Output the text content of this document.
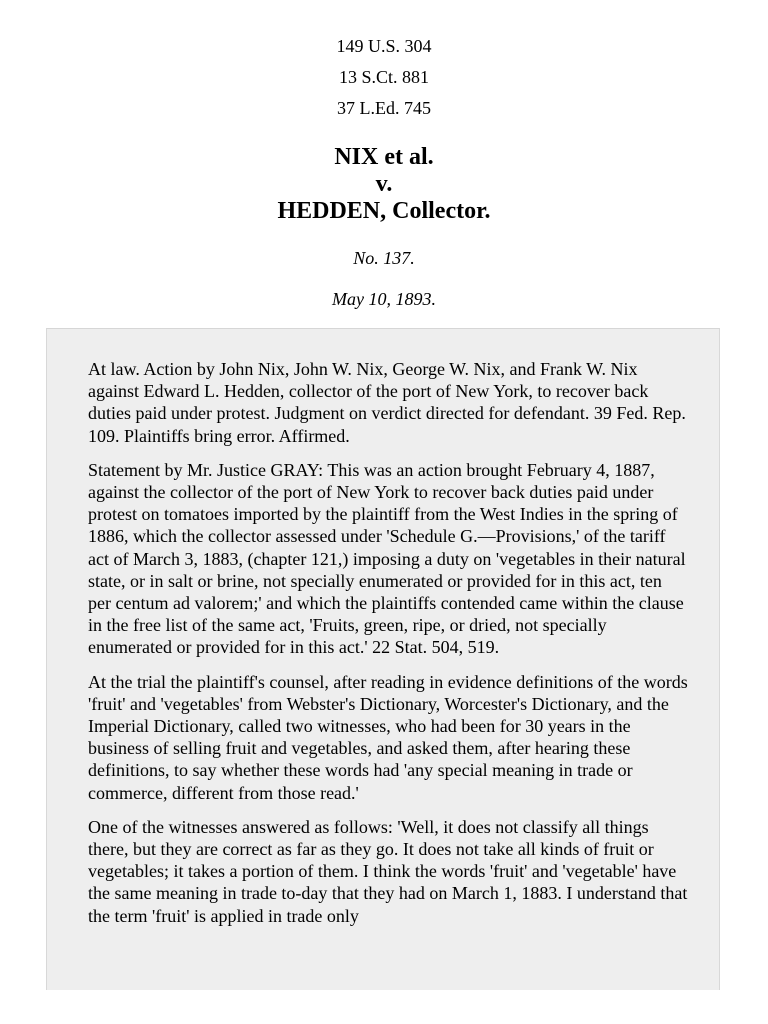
149 U.S. 304
13 S.Ct. 881
37 L.Ed. 745
NIX et al.
v.
HEDDEN, Collector.
No. 137.
May 10, 1893.

At law. Action by John Nix, John W. Nix, George W. Nix, and Frank W. Nix against Edward L. Hedden, collector of the port of New York, to recover back duties paid under protest. Judgment on verdict directed for defendant. 39 Fed. Rep. 109. Plaintiffs bring error. Affirmed.

Statement by Mr. Justice GRAY: This was an action brought February 4, 1887, against the collector of the port of New York to recover back duties paid under protest on tomatoes imported by the plaintiff from the West Indies in the spring of 1886, which the collector assessed under 'Schedule G.—Provisions,' of the tariff act of March 3, 1883, (chapter 121,) imposing a duty on 'vegetables in their natural state, or in salt or brine, not specially enumerated or provided for in this act, ten per centum ad valorem;' and which the plaintiffs contended came within the clause in the free list of the same act, 'Fruits, green, ripe, or dried, not specially enumerated or provided for in this act.' 22 Stat. 504, 519.

At the trial the plaintiff's counsel, after reading in evidence definitions of the words 'fruit' and 'vegetables' from Webster's Dictionary, Worcester's Dictionary, and the Imperial Dictionary, called two witnesses, who had been for 30 years in the business of selling fruit and vegetables, and asked them, after hearing these definitions, to say whether these words had 'any special meaning in trade or commerce, different from those read.'

One of the witnesses answered as follows: 'Well, it does not classify all things there, but they are correct as far as they go. It does not take all kinds of fruit or vegetables; it takes a portion of them. I think the words 'fruit' and 'vegetable' have the same meaning in trade to-day that they had on March 1, 1883. I understand that the term 'fruit' is applied in trade only
